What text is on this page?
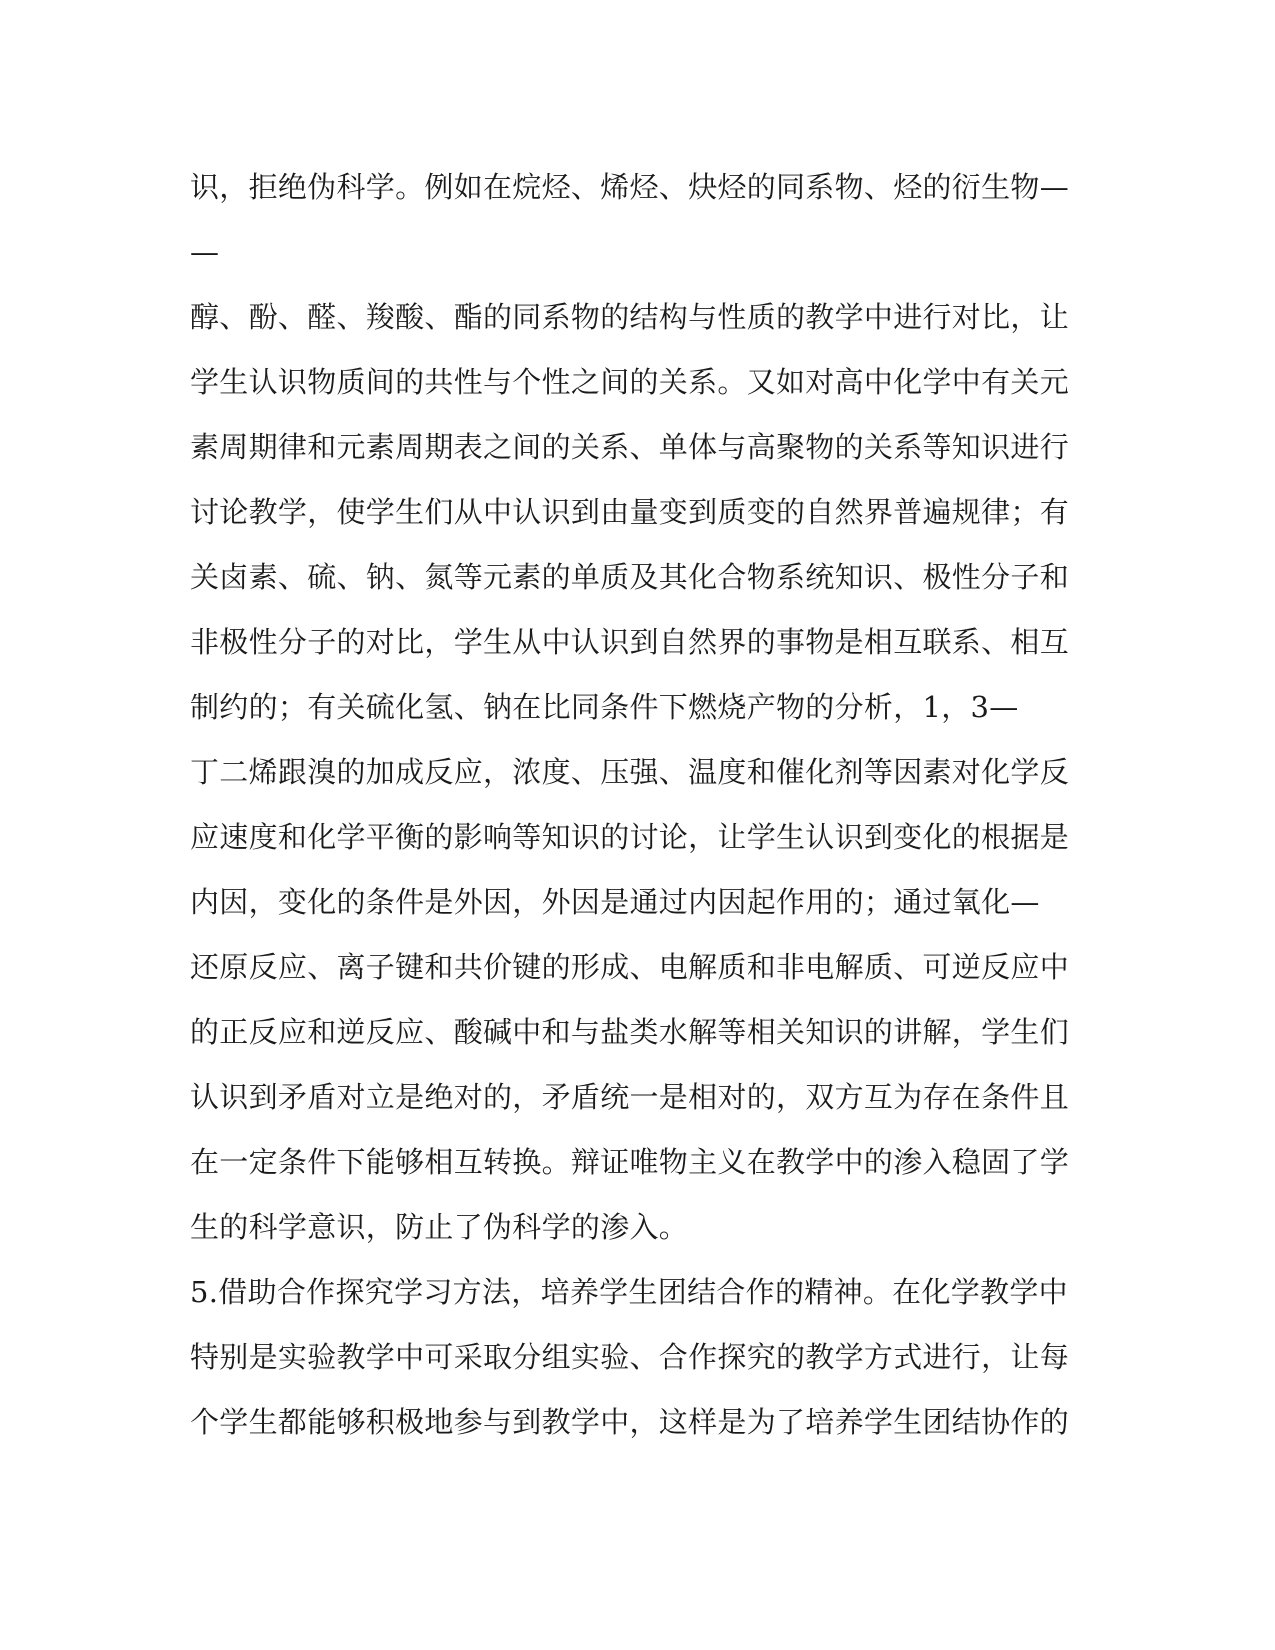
识，拒绝伪科学。例如在烷烃、烯烃、炔烃的同系物、烃的衍生物—
—
醇、酚、醛、羧酸、酯的同系物的结构与性质的教学中进行对比，让
学生认识物质间的共性与个性之间的关系。又如对高中化学中有关元
素周期律和元素周期表之间的关系、单体与高聚物的关系等知识进行
讨论教学，使学生们从中认识到由量变到质变的自然界普遍规律；有
关卤素、硫、钠、氮等元素的单质及其化合物系统知识、极性分子和
非极性分子的对比，学生从中认识到自然界的事物是相互联系、相互
制约的；有关硫化氢、钠在比同条件下燃烧产物的分析，1，3—
丁二烯跟溴的加成反应，浓度、压强、温度和催化剂等因素对化学反
应速度和化学平衡的影响等知识的讨论，让学生认识到变化的根据是
内因，变化的条件是外因，外因是通过内因起作用的；通过氧化—
还原反应、离子键和共价键的形成、电解质和非电解质、可逆反应中
的正反应和逆反应、酸碱中和与盐类水解等相关知识的讲解，学生们
认识到矛盾对立是绝对的，矛盾统一是相对的，双方互为存在条件且
在一定条件下能够相互转换。辩证唯物主义在教学中的渗入稳固了学
生的科学意识，防止了伪科学的渗入。
5.借助合作探究学习方法，培养学生团结合作的精神。在化学教学中
特别是实验教学中可采取分组实验、合作探究的教学方式进行，让每
个学生都能够积极地参与到教学中，这样是为了培养学生团结协作的
